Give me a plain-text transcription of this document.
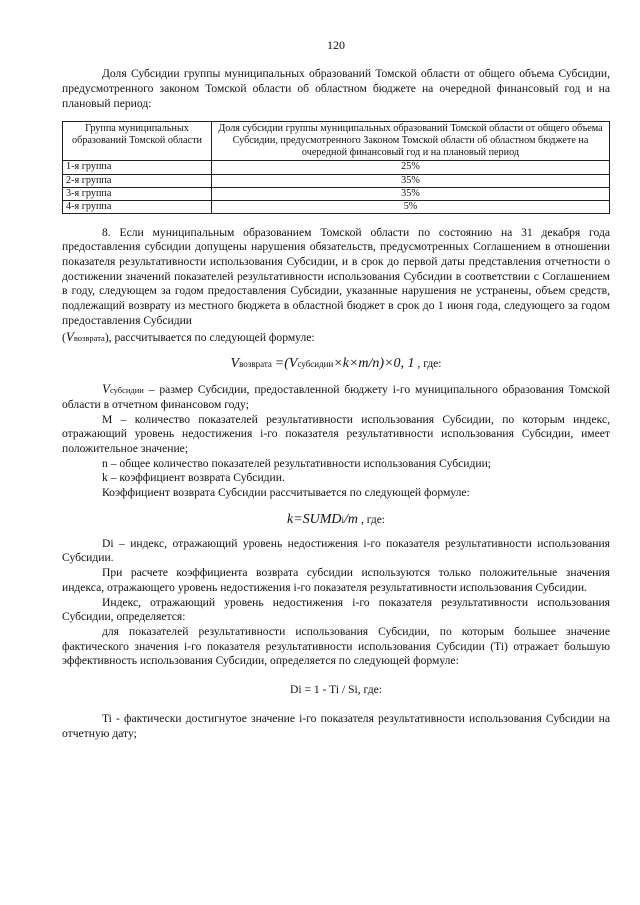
120

Доля Субсидии группы муниципальных образований Томской области от общего объема Субсидии, предусмотренного законом Томской области об областном бюджете на очередной финансовый год и на плановый период:

Группа муниципальных образований Томской области	Доля субсидии группы муниципальных образований Томской области от общего объема Субсидии, предусмотренного Законом Томской области об областном бюджете на очередной финансовый год и на плановый период
1-я группа	25%
2-я группа	35%
3-я группа	35%
4-я группа	5%

8. Если муниципальным образованием Томской области по состоянию на 31 декабря года предоставления субсидии допущены нарушения обязательств, предусмотренных Соглашением в отношении показателя результативности использования Субсидии, и в срок до первой даты представления отчетности о достижении значений показателей результативности использования Субсидии в соответствии с Соглашением в году, следующем за годом предоставления Субсидии, указанные нарушения не устранены, объем средств, подлежащий возврату из местного бюджета в областной бюджет в срок до 1 июня года, следующего за годом предоставления Субсидии
(Vвозврата), рассчитывается по следующей формуле:

Vвозврата =(Vсубсидии×k×m/n)×0, 1 , где:

Vсубсидии – размер Субсидии, предоставленной бюджету i-го муниципального образования Томской области в отчетном финансовом году;

M – количество показателей результативности использования Субсидии, по которым индекс, отражающий уровень недостижения i-го показателя результативности использования Субсидии, имеет положительное значение;

n – общее количество показателей результативности использования Субсидии;

k – коэффициент возврата Субсидии.

Коэффициент возврата Субсидии рассчитывается по следующей формуле:

k=SUMDi/m , где:

Di – индекс, отражающий уровень недостижения i-го показателя результативности использования Субсидии.

При расчете коэффициента возврата субсидии используются только положительные значения индекса, отражающего уровень недостижения i-го показателя результативности использования Субсидии.

Индекс, отражающий уровень недостижения i-го показателя результативности использования Субсидии, определяется:

для показателей результативности использования Субсидии, по которым большее значение фактического значения i-го показателя результативности использования Субсидии (Ti) отражает большую эффективность использования Субсидии, определяется по следующей формуле:

Di = 1 - Ti / Si, где:

Ti - фактически достигнутое значение i-го показателя результативности использования Субсидии на отчетную дату;
